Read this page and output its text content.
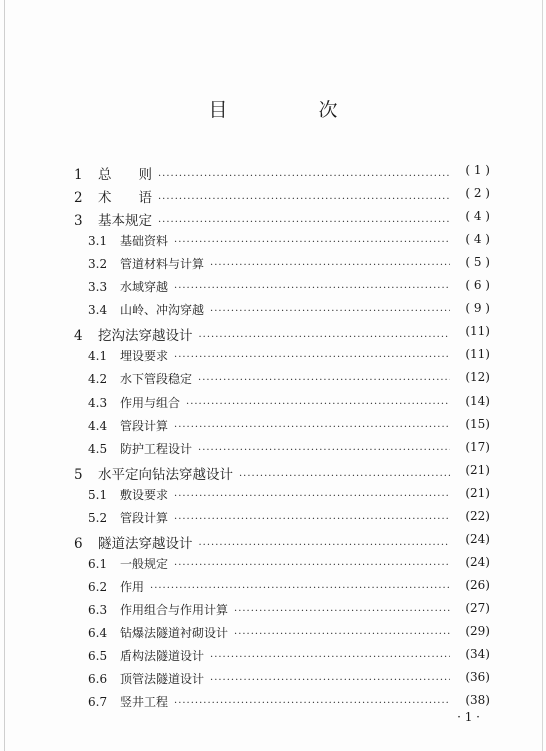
目　次
1	总　　则 ·····	( 1 )
2	术　　语 ·····	( 2 )
3	基本规定 ·····	( 4 )
3.1	基础资料 ·····	( 4 )
3.2	管道材料与计算 ·····	( 5 )
3.3	水域穿越 ·····	( 6 )
3.4	山岭、冲沟穿越 ·····	( 9 )
4	挖沟法穿越设计 ·····	(11)
4.1	埋设要求 ·····	(11)
4.2	水下管段稳定 ·····	(12)
4.3	作用与组合 ·····	(14)
4.4	管段计算 ·····	(15)
4.5	防护工程设计 ·····	(17)
5	水平定向钻法穿越设计 ·····	(21)
5.1	敷设要求 ·····	(21)
5.2	管段计算 ·····	(22)
6	隧道法穿越设计 ·····	(24)
6.1	一般规定 ·····	(24)
6.2	作用 ·····	(26)
6.3	作用组合与作用计算 ·····	(27)
6.4	钻爆法隧道衬砌设计 ·····	(29)
6.5	盾构法隧道设计 ·····	(34)
6.6	顶管法隧道设计 ·····	(36)
6.7	竖井工程 ·····	(38)
· 1 ·
